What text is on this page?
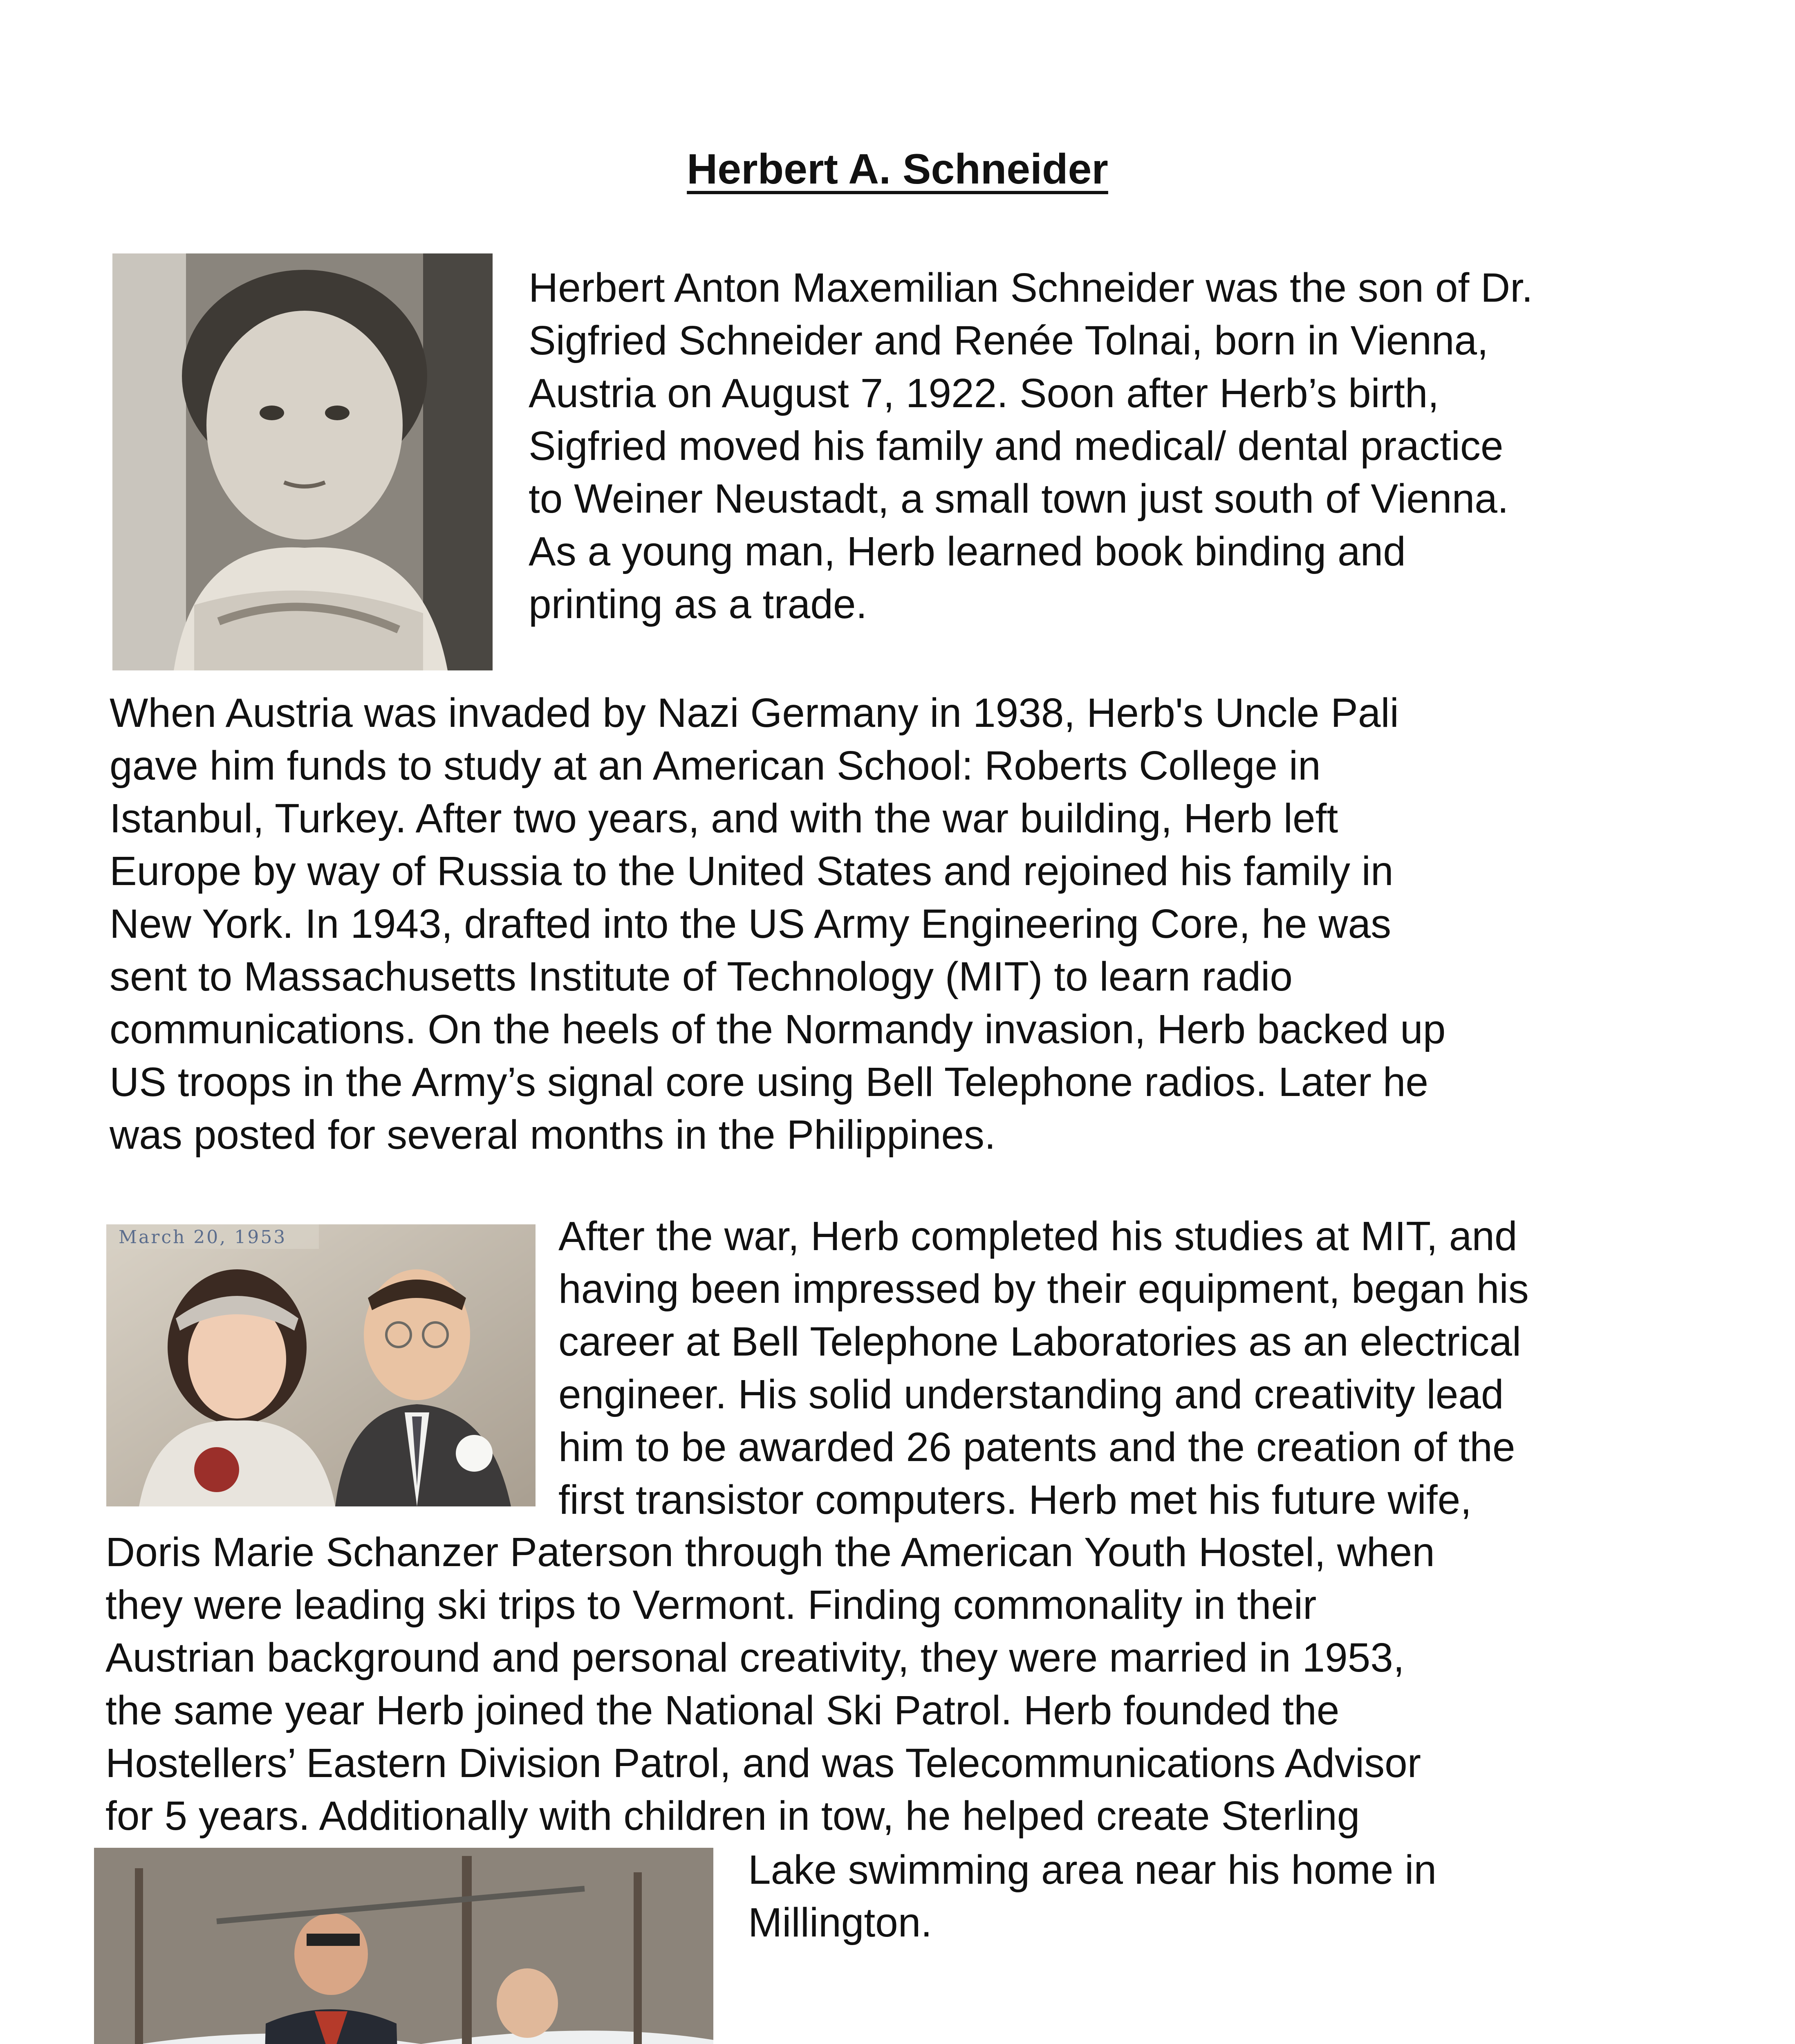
Herbert A. Schneider

Herbert Anton Maxemilian Schneider was the son of Dr.
Sigfried Schneider and Renée Tolnai, born in Vienna,
Austria on August 7, 1922. Soon after Herb’s birth,
Sigfried moved his family and medical/ dental practice
to Weiner Neustadt, a small town just south of Vienna.
As a young man, Herb learned book binding and
printing as a trade.

When Austria was invaded by Nazi Germany in 1938, Herb's Uncle Pali
gave him funds to study at an American School: Roberts College in
Istanbul, Turkey. After two years, and with the war building, Herb left
Europe by way of Russia to the United States and rejoined his family in
New York. In 1943, drafted into the US Army Engineering Core, he was
sent to Massachusetts Institute of Technology (MIT) to learn radio
communications. On the heels of the Normandy invasion, Herb backed up
US troops in the Army’s signal core using Bell Telephone radios. Later he
was posted for several months in the Philippines.

March 20, 1953	After the war, Herb completed his studies at MIT, and
having been impressed by their equipment, began his
career at Bell Telephone Laboratories as an electrical
engineer. His solid understanding and creativity lead
him to be awarded 26 patents and the creation of the
first transistor computers. Herb met his future wife,

Doris Marie Schanzer Paterson through the American Youth Hostel, when
they were leading ski trips to Vermont. Finding commonality in their
Austrian background and personal creativity, they were married in 1953,
the same year Herb joined the National Ski Patrol. Herb founded the
Hostellers’ Eastern Division Patrol, and was Telecommunications Advisor
for 5 years. Additionally with children in tow, he helped create Sterling

Lake swimming area near his home in
Millington.
